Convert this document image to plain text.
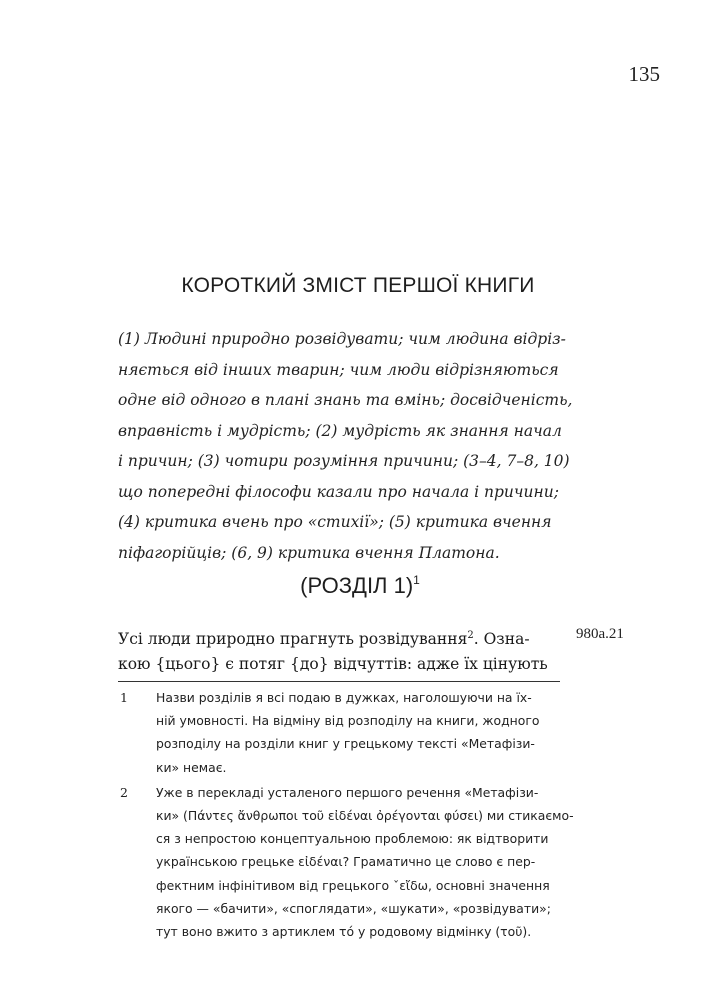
135
КОРОТКИЙ ЗМІСТ ПЕРШОЇ КНИГИ
(1) Людині природно розвідувати; чим людина відріз-
няється від інших тварин; чим люди відрізняються
одне від одного в плані знань та вмінь; досвідченість,
вправність і мудрість; (2) мудрість як знання начал
і причин; (3) чотири розуміння причини; (3–4, 7–8, 10)
що попередні філософи казали про начала і причини;
(4) критика вчень про «стихії»; (5) критика вчення
піфагорійців; (6, 9) критика вчення Платона.
(РОЗДІЛ 1)$^1$
Усі люди природно прагнуть розвідування$^2$. Озна-
кою {цього} є потяг {до} відчуттів: адже їх цінують
980a.21
1 Назви розділів я всі подаю в дужках, наголошуючи на їх-
ній умовності. На відміну від розподілу на книги, жодного
розподілу на розділи книг у грецькому тексті «Метафізи-
ки» немає.
2 Уже в перекладі усталеного першого речення «Метафізи-
ки» (Πάντες ἄνθρωποι τοῦ εἰδέναι ὀρέγονται φύσει) ми стикаємо-
ся з непростою концептуальною проблемою: як відтворити
українською грецьке εἰδέναι? Граматично це слово є пер-
фектним інфінітивом від грецького ˇεἴδω, основні значення
якого — «бачити», «споглядати», «шукати», «розвідувати»;
тут воно вжито з артиклем τό у родовому відмінку (τοῦ).
